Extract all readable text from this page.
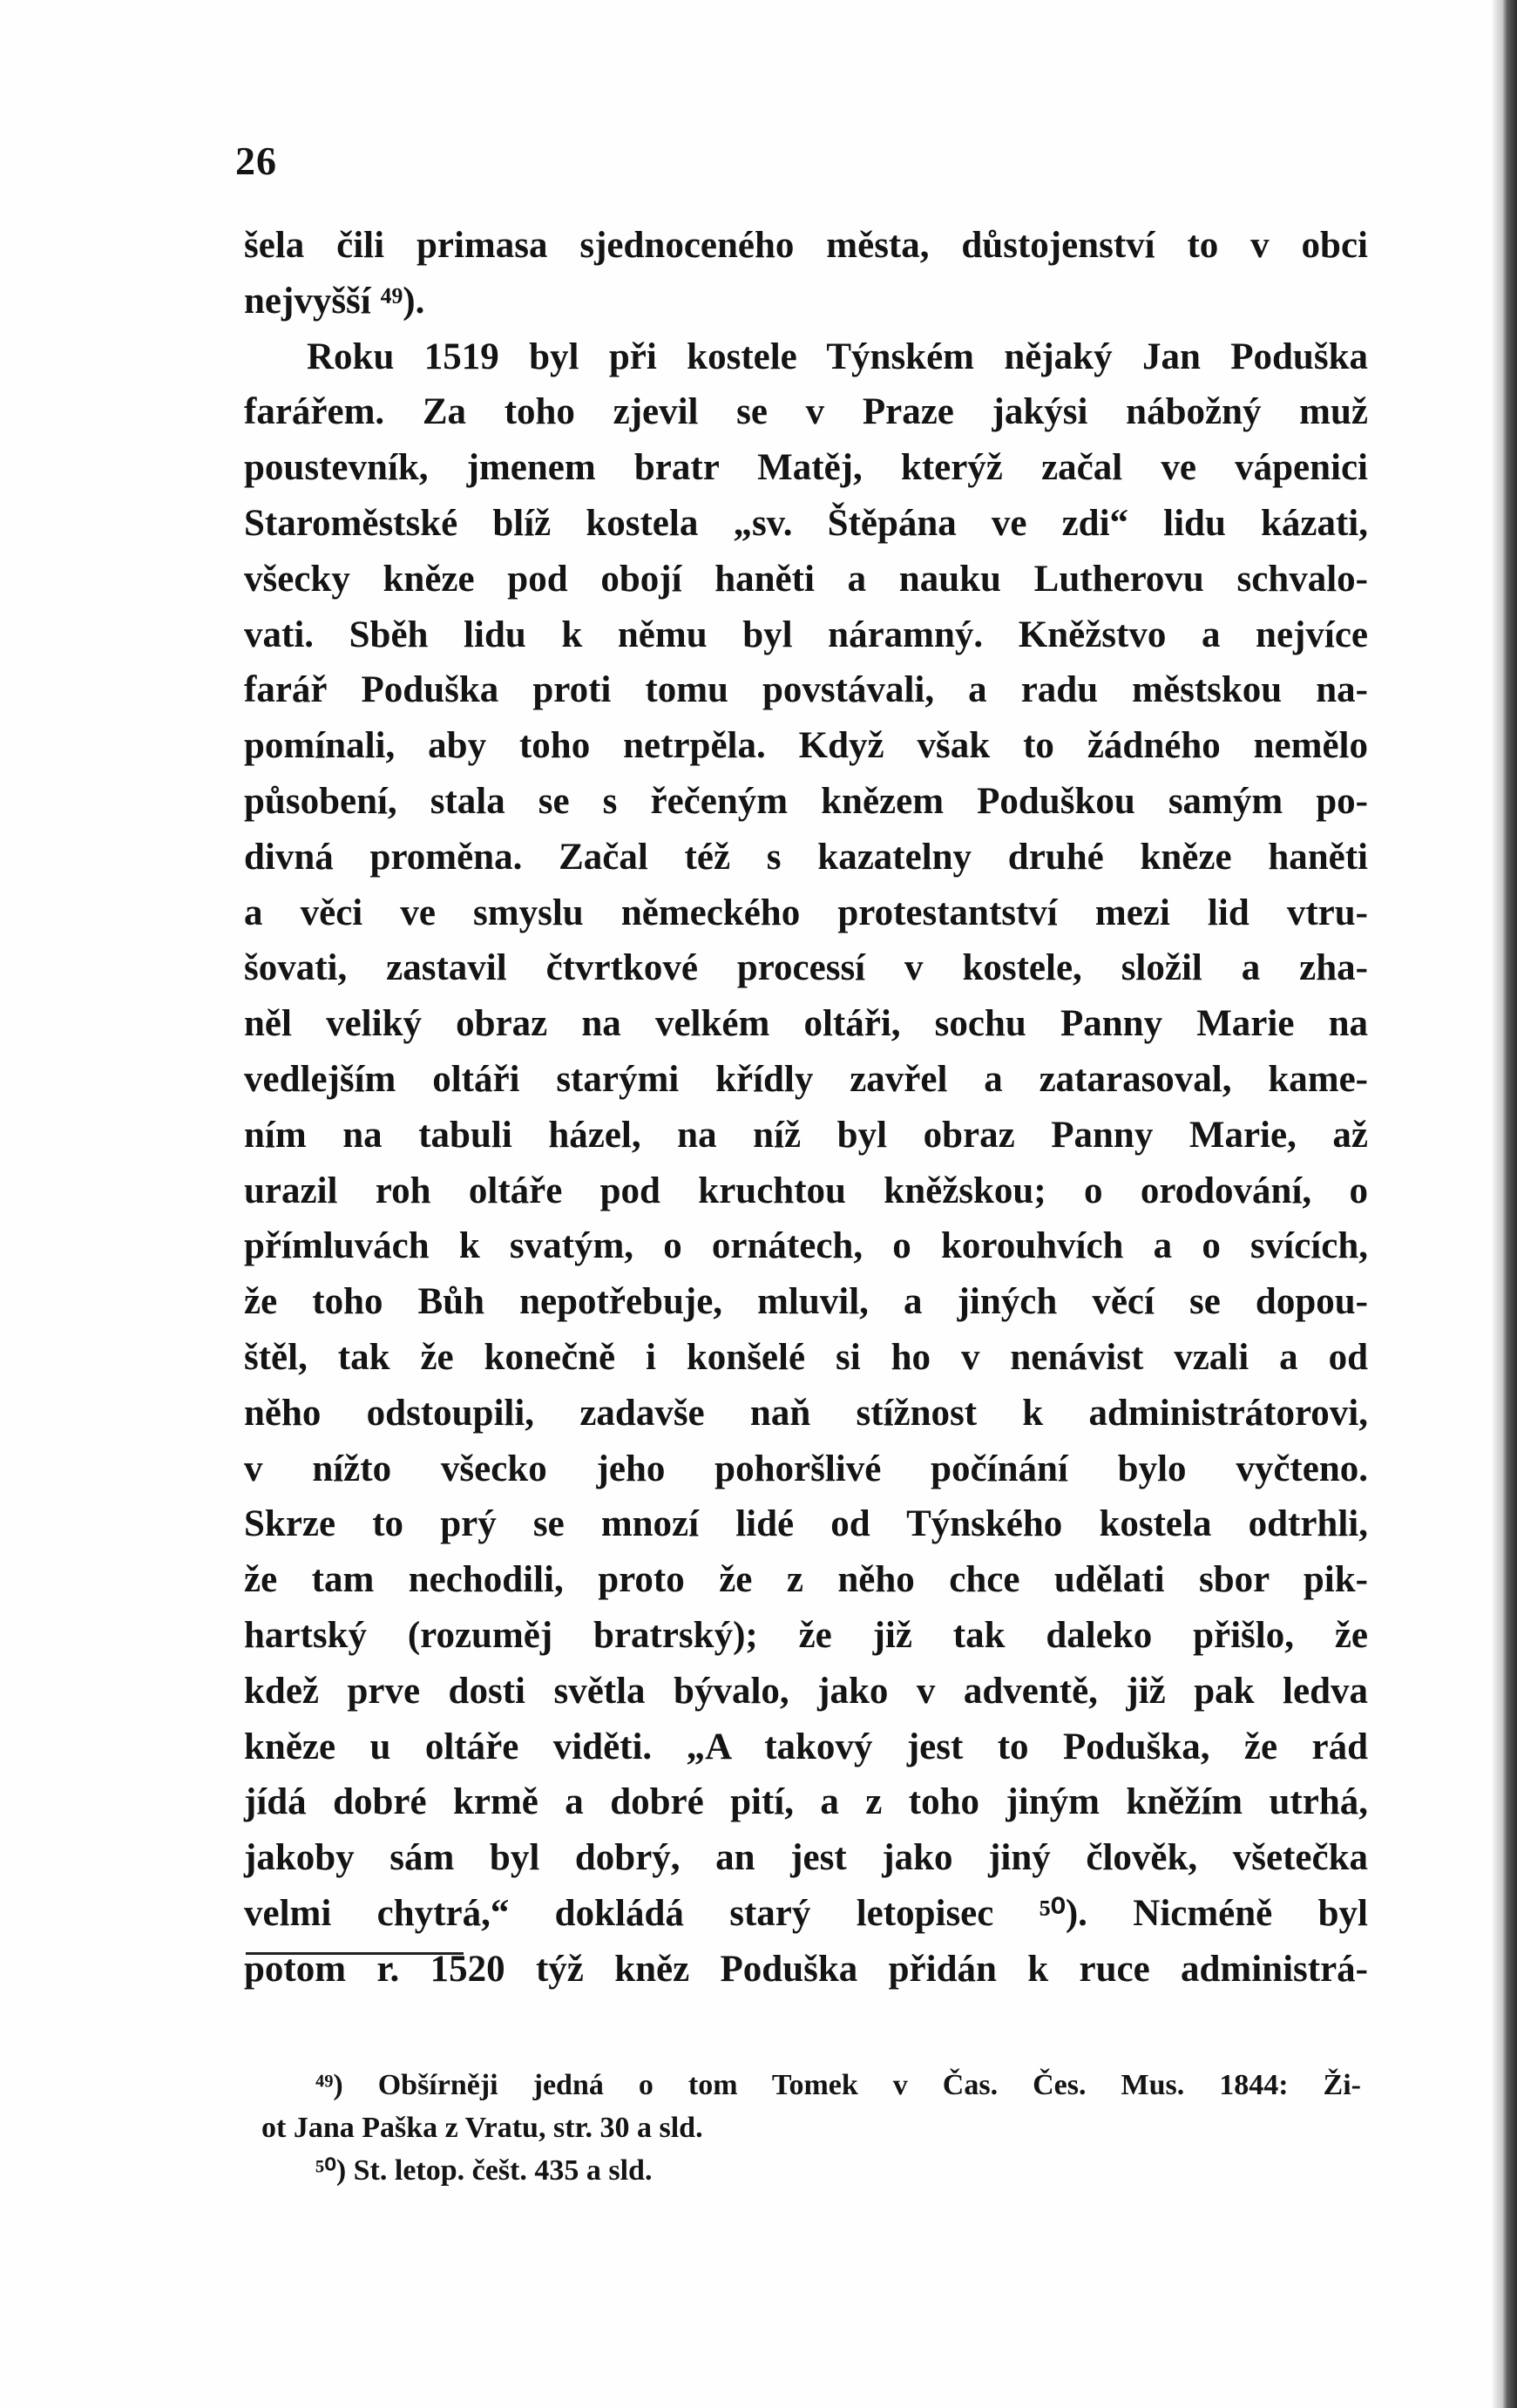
26
šela čili primasa sjednoceného města, důstojenství to v obci
nejvyšší ⁴⁹).
Roku 1519 byl při kostele Týnském nějaký Jan Poduška
farářem. Za toho zjevil se v Praze jakýsi nábožný muž
poustevník, jmenem bratr Matěj, kterýž začal ve vápenici
Staroměstské blíž kostela „sv. Štěpána ve zdi“ lidu kázati,
všecky kněze pod obojí haněti a nauku Lutherovu schvalo-
vati. Sběh lidu k němu byl náramný. Kněžstvo a nejvíce
farář Poduška proti tomu povstávali, a radu městskou na-
pomínali, aby toho netrpěla. Když však to žádného nemělo
působení, stala se s řečeným knězem Poduškou samým po-
divná proměna. Začal též s kazatelny druhé kněze haněti
a věci ve smyslu německého protestantství mezi lid vtru-
šovati, zastavil čtvrtkové processí v kostele, složil a zha-
něl veliký obraz na velkém oltáři, sochu Panny Marie na
vedlejším oltáři starými křídly zavřel a zatarasoval, kame-
ním na tabuli házel, na níž byl obraz Panny Marie, až
urazil roh oltáře pod kruchtou kněžskou; o orodování, o
přímluvách k svatým, o ornátech, o korouhvích a o svících,
že toho Bůh nepotřebuje, mluvil, a jiných věcí se dopou-
štěl, tak že konečně i konšelé si ho v nenávist vzali a od
něho odstoupili, zadavše naň stížnost k administrátorovi,
v nížto všecko jeho pohoršlivé počínání bylo vyčteno.
Skrze to prý se mnozí lidé od Týnského kostela odtrhli,
že tam nechodili, proto že z něho chce udělati sbor pik-
hartský (rozuměj bratrský); že již tak daleko přišlo, že
kdež prve dosti světla bývalo, jako v adventě, již pak ledva
kněze u oltáře viděti. „A takový jest to Poduška, že rád
jídá dobré krmě a dobré pití, a z toho jiným kněžím utrhá,
jakoby sám byl dobrý, an jest jako jiný člověk, všetečka
velmi chytrá,“ dokládá starý letopisec ⁵⁰). Nicméně byl
potom r. 1520 týž kněz Poduška přidán k ruce administrá-
⁴⁹) Obšírněji jedná o tom Tomek v Čas. Čes. Mus. 1844: Ži-
ot Jana Paška z Vratu, str. 30 a sld.
⁵⁰) St. letop. češt. 435 a sld.
